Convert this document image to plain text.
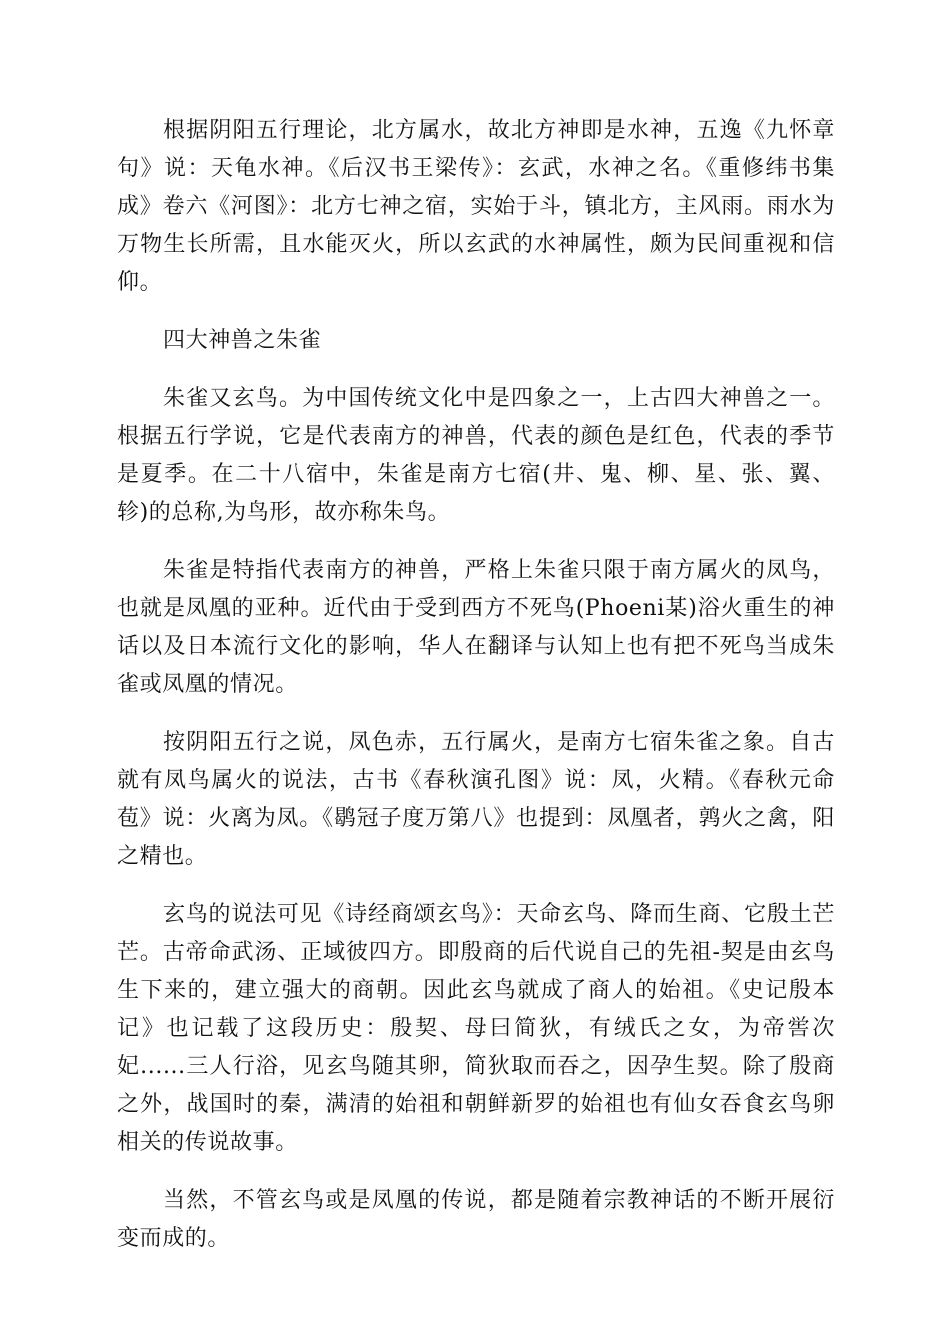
根据阴阳五行理论，北方属水，故北方神即是水神，五逸《九怀章句》说：天龟水神。《后汉书王梁传》：玄武，水神之名。《重修纬书集成》卷六《河图》：北方七神之宿，实始于斗，镇北方，主风雨。雨水为万物生长所需，且水能灭火，所以玄武的水神属性，颇为民间重视和信仰。

四大神兽之朱雀

朱雀又玄鸟。为中国传统文化中是四象之一，上古四大神兽之一。根据五行学说，它是代表南方的神兽，代表的颜色是红色，代表的季节是夏季。在二十八宿中，朱雀是南方七宿(井、鬼、柳、星、张、翼、轸)的总称,为鸟形，故亦称朱鸟。

朱雀是特指代表南方的神兽，严格上朱雀只限于南方属火的凤鸟，也就是凤凰的亚种。近代由于受到西方不死鸟(Phoeni某)浴火重生的神话以及日本流行文化的影响，华人在翻译与认知上也有把不死鸟当成朱雀或凤凰的情况。

按阴阳五行之说，凤色赤，五行属火，是南方七宿朱雀之象。自古就有凤鸟属火的说法，古书《春秋演孔图》说：凤，火精。《春秋元命苞》说：火离为凤。《鹖冠子度万第八》也提到：凤凰者，鹑火之禽，阳之精也。

玄鸟的说法可见《诗经商颂玄鸟》：天命玄鸟、降而生商、它殷土芒芒。古帝命武汤、正域彼四方。即殷商的后代说自己的先祖-契是由玄鸟生下来的，建立强大的商朝。因此玄鸟就成了商人的始祖。《史记殷本记》也记载了这段历史：殷契、母曰简狄，有绒氏之女，为帝喾次妃......三人行浴，见玄鸟随其卵，简狄取而吞之，因孕生契。除了殷商之外，战国时的秦，满清的始祖和朝鲜新罗的始祖也有仙女吞食玄鸟卵相关的传说故事。

当然，不管玄鸟或是凤凰的传说，都是随着宗教神话的不断开展衍变而成的。
